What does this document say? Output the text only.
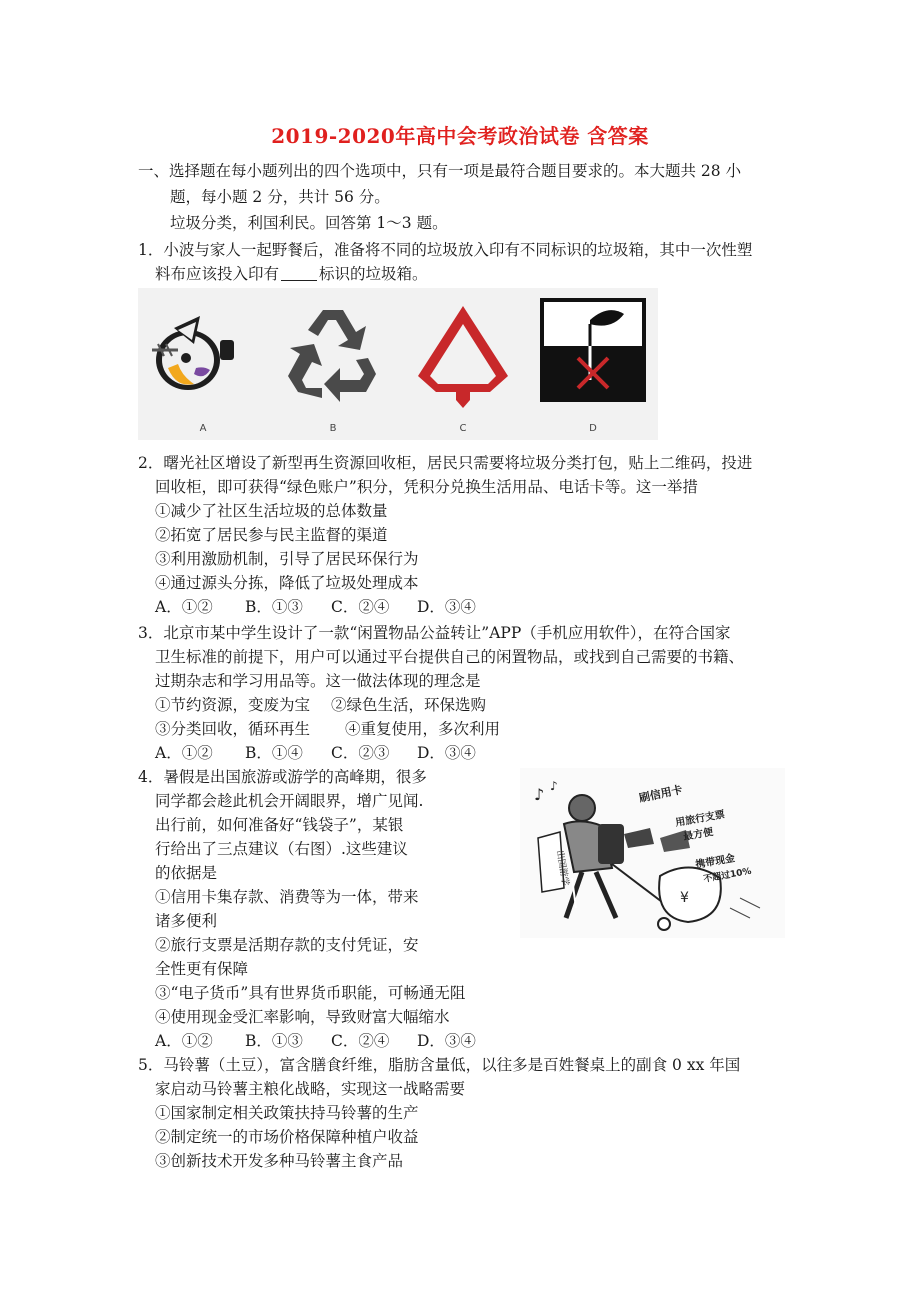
2019-2020年高中会考政治试卷 含答案
一、选择题在每小题列出的四个选项中，只有一项是最符合题目要求的。本大题共 28 小
题，每小题 2 分，共计 56 分。
垃圾分类，利国利民。回答第 1～3 题。
1．小波与家人一起野餐后，准备将不同的垃圾放入印有不同标识的垃圾箱，其中一次性塑
料布应该投入印有	标识的垃圾箱。
A	B	C	D
2．曙光社区增设了新型再生资源回收柜，居民只需要将垃圾分类打包，贴上二维码，投进
回收柜，即可获得“绿色账户”积分，凭积分兑换生活用品、电话卡等。这一举措
①减少了社区生活垃圾的总体数量
②拓宽了居民参与民主监督的渠道
③利用激励机制，引导了居民环保行为
④通过源头分拣，降低了垃圾处理成本
A．①② B．①③ C．②④ D．③④
3．北京市某中学生设计了一款“闲置物品公益转让”APP（手机应用软件），在符合国家
卫生标准的前提下，用户可以通过平台提供自己的闲置物品，或找到自己需要的书籍、
过期杂志和学习用品等。这一做法体现的理念是
①节约资源，变废为宝 ②绿色生活，环保选购
③分类回收，循环再生 ④重复使用，多次利用
A．①② B．①④ C．②③ D．③④
4．暑假是出国旅游或游学的高峰期，很多
同学都会趁此机会开阔眼界，增广见闻.
出行前，如何准备好“钱袋子”，某银
行给出了三点建议（右图）.这些建议
的依据是
①信用卡集存款、消费等为一体，带来
诸多便利
②旅行支票是活期存款的支付凭证，安
全性更有保障
③“电子货币”具有世界货币职能，可畅通无阻
④使用现金受汇率影响，导致财富大幅缩水
A．①② B．①③ C．②④ D．③④
♪ ♪
出国游学
¥
刷信用卡
用旅行支票
最方便
携带现金
不超过10%
5．马铃薯（土豆），富含膳食纤维，脂肪含量低，以往多是百姓餐桌上的副食 0 xx 年国
家启动马铃薯主粮化战略，实现这一战略需要
①国家制定相关政策扶持马铃薯的生产
②制定统一的市场价格保障种植户收益
③创新技术开发多种马铃薯主食产品
